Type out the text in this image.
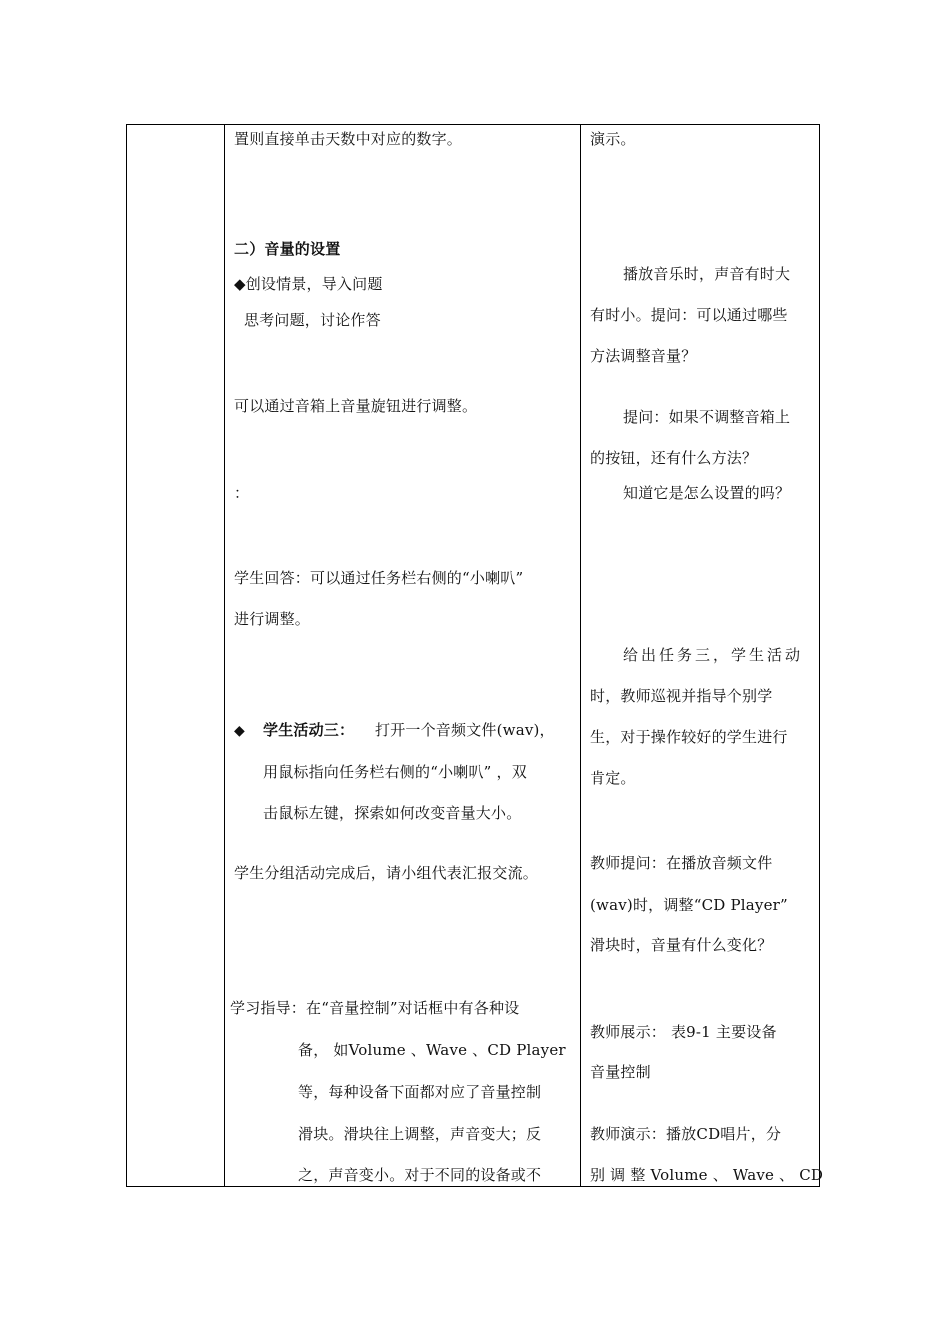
置则直接单击天数中对应的数字。
二）音量的设置
◆创设情景，导入问题
思考问题，讨论作答
可以通过音箱上音量旋钮进行调整。
：
学生回答：可以通过任务栏右侧的“小喇叭”
进行调整。
◆ 学生活动三： 打开一个音频文件(wav)，
用鼠标指向任务栏右侧的“小喇叭” ，双
击鼠标左键，探索如何改变音量大小。
学生分组活动完成后，请小组代表汇报交流。
学习指导：在“音量控制”对话框中有各种设
备， 如Volume 、Wave 、CD Player
等，每种设备下面都对应了音量控制
滑块。滑块往上调整，声音变大；反
之，声音变小。对于不同的设备或不
演示。
播放音乐时，声音有时大
有时小。提问：可以通过哪些
方法调整音量？
提问：如果不调整音箱上
的按钮，还有什么方法？
知道它是怎么设置的吗？
给出任务三，学生活动
时，教师巡视并指导个别学
生，对于操作较好的学生进行
肯定。
教师提问：在播放音频文件
(wav)时，调整“CD Player”
滑块时，音量有什么变化？
教师展示： 表9-1 主要设备
音量控制
教师演示：播放CD唱片，分
别 调 整 Volume 、 Wave 、 CD
